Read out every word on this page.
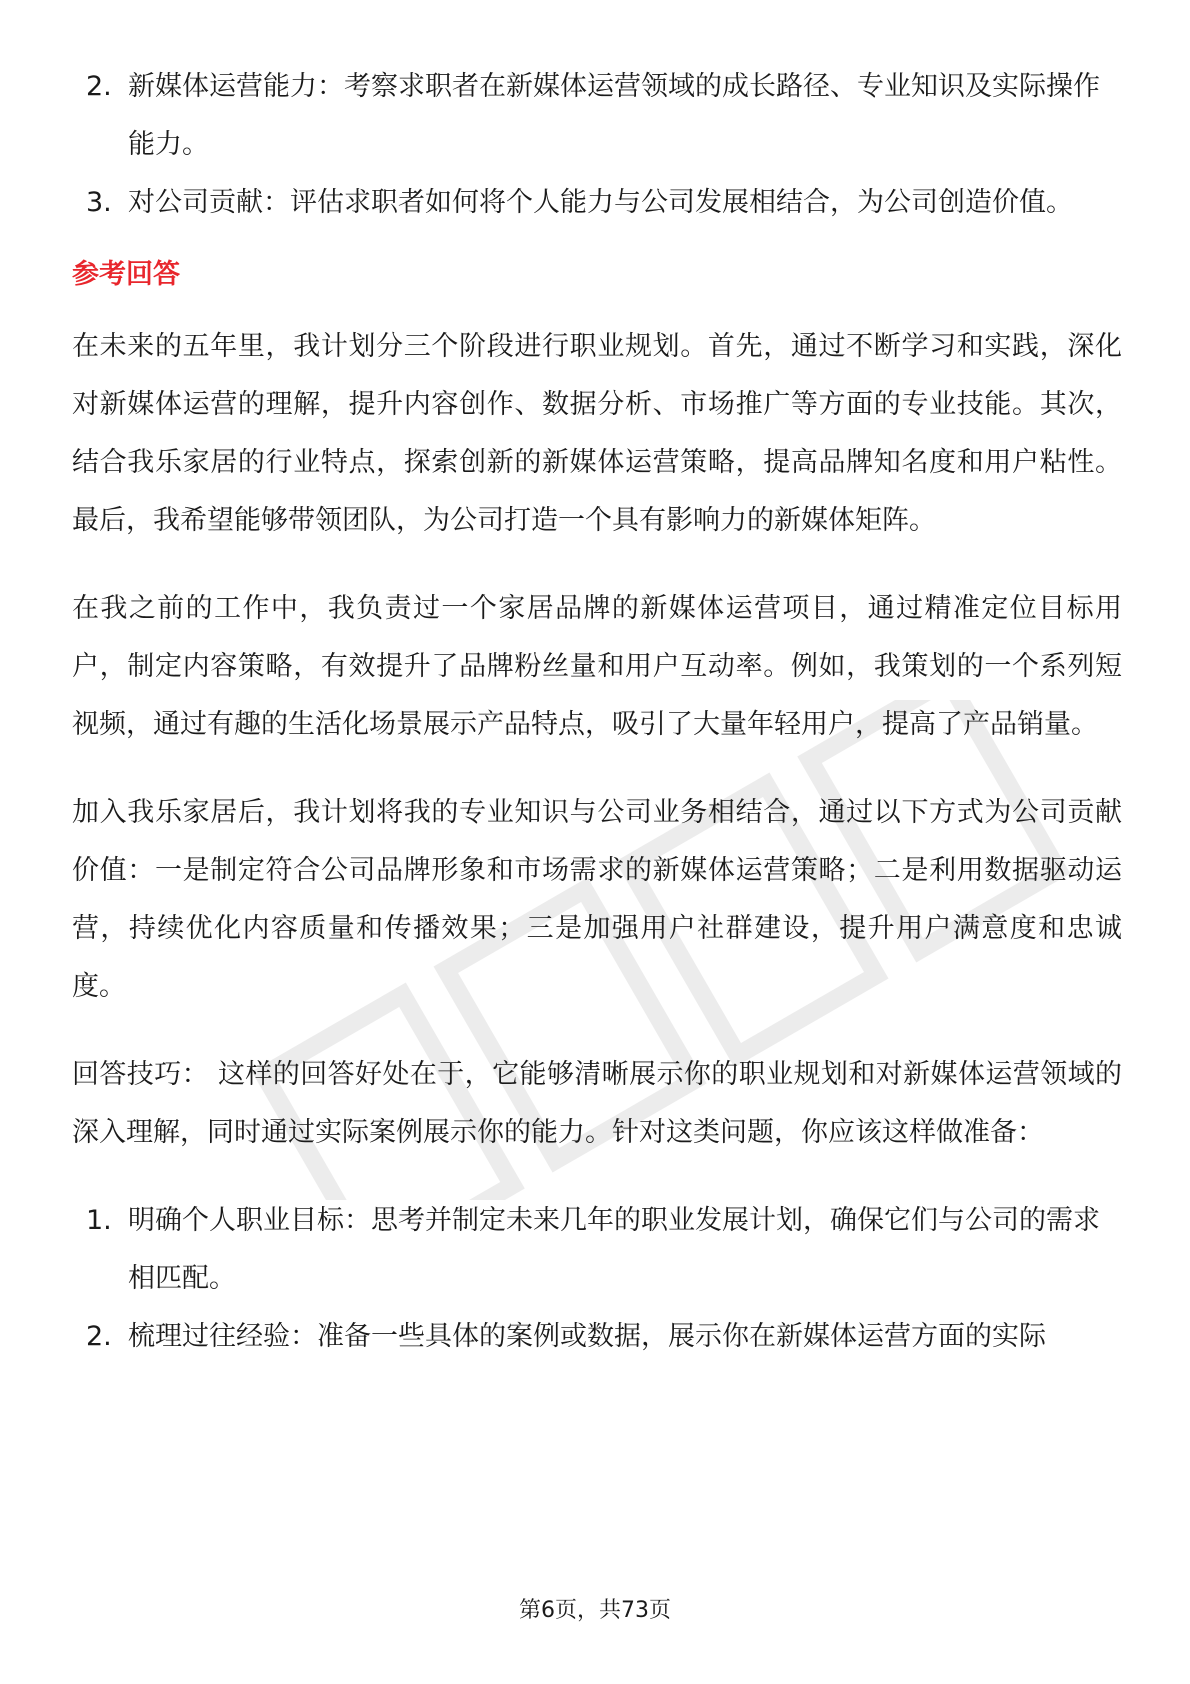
2. 新媒体运营能力：考察求职者在新媒体运营领域的成长路径、专业知识及实际操作能力。
3. 对公司贡献：评估求职者如何将个人能力与公司发展相结合，为公司创造价值。

参考回答

在未来的五年里，我计划分三个阶段进行职业规划。首先，通过不断学习和实践，深化对新媒体运营的理解，提升内容创作、数据分析、市场推广等方面的专业技能。其次，结合我乐家居的行业特点，探索创新的新媒体运营策略，提高品牌知名度和用户粘性。最后，我希望能够带领团队，为公司打造一个具有影响力的新媒体矩阵。

在我之前的工作中，我负责过一个家居品牌的新媒体运营项目，通过精准定位目标用户，制定内容策略，有效提升了品牌粉丝量和用户互动率。例如，我策划的一个系列短视频，通过有趣的生活化场景展示产品特点，吸引了大量年轻用户，提高了产品销量。

加入我乐家居后，我计划将我的专业知识与公司业务相结合，通过以下方式为公司贡献价值：一是制定符合公司品牌形象和市场需求的新媒体运营策略；二是利用数据驱动运营，持续优化内容质量和传播效果；三是加强用户社群建设，提升用户满意度和忠诚度。

回答技巧： 这样的回答好处在于，它能够清晰展示你的职业规划和对新媒体运营领域的深入理解，同时通过实际案例展示你的能力。针对这类问题，你应该这样做准备：

1. 明确个人职业目标：思考并制定未来几年的职业发展计划，确保它们与公司的需求相匹配。
2. 梳理过往经验：准备一些具体的案例或数据，展示你在新媒体运营方面的实际
第6页，共73页
